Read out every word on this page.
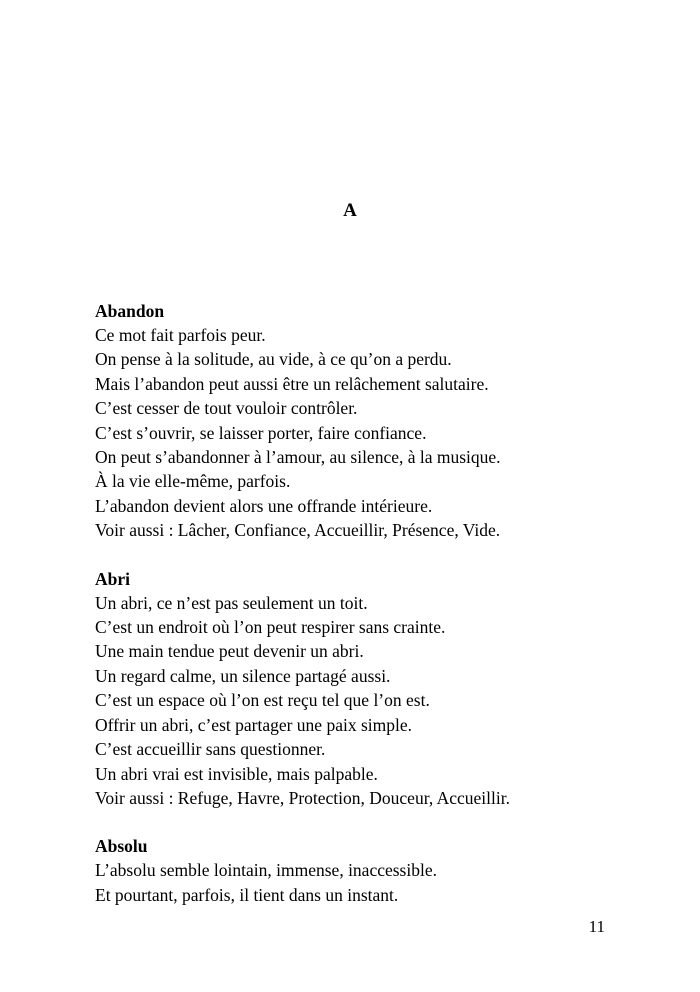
A
Abandon
Ce mot fait parfois peur.
On pense à la solitude, au vide, à ce qu’on a perdu.
Mais l’abandon peut aussi être un relâchement salutaire.
C’est cesser de tout vouloir contrôler.
C’est s’ouvrir, se laisser porter, faire confiance.
On peut s’abandonner à l’amour, au silence, à la musique.
À la vie elle-même, parfois.
L’abandon devient alors une offrande intérieure.
Voir aussi : Lâcher, Confiance, Accueillir, Présence, Vide.
Abri
Un abri, ce n’est pas seulement un toit.
C’est un endroit où l’on peut respirer sans crainte.
Une main tendue peut devenir un abri.
Un regard calme, un silence partagé aussi.
C’est un espace où l’on est reçu tel que l’on est.
Offrir un abri, c’est partager une paix simple.
C’est accueillir sans questionner.
Un abri vrai est invisible, mais palpable.
Voir aussi : Refuge, Havre, Protection, Douceur, Accueillir.
Absolu
L’absolu semble lointain, immense, inaccessible.
Et pourtant, parfois, il tient dans un instant.
11
